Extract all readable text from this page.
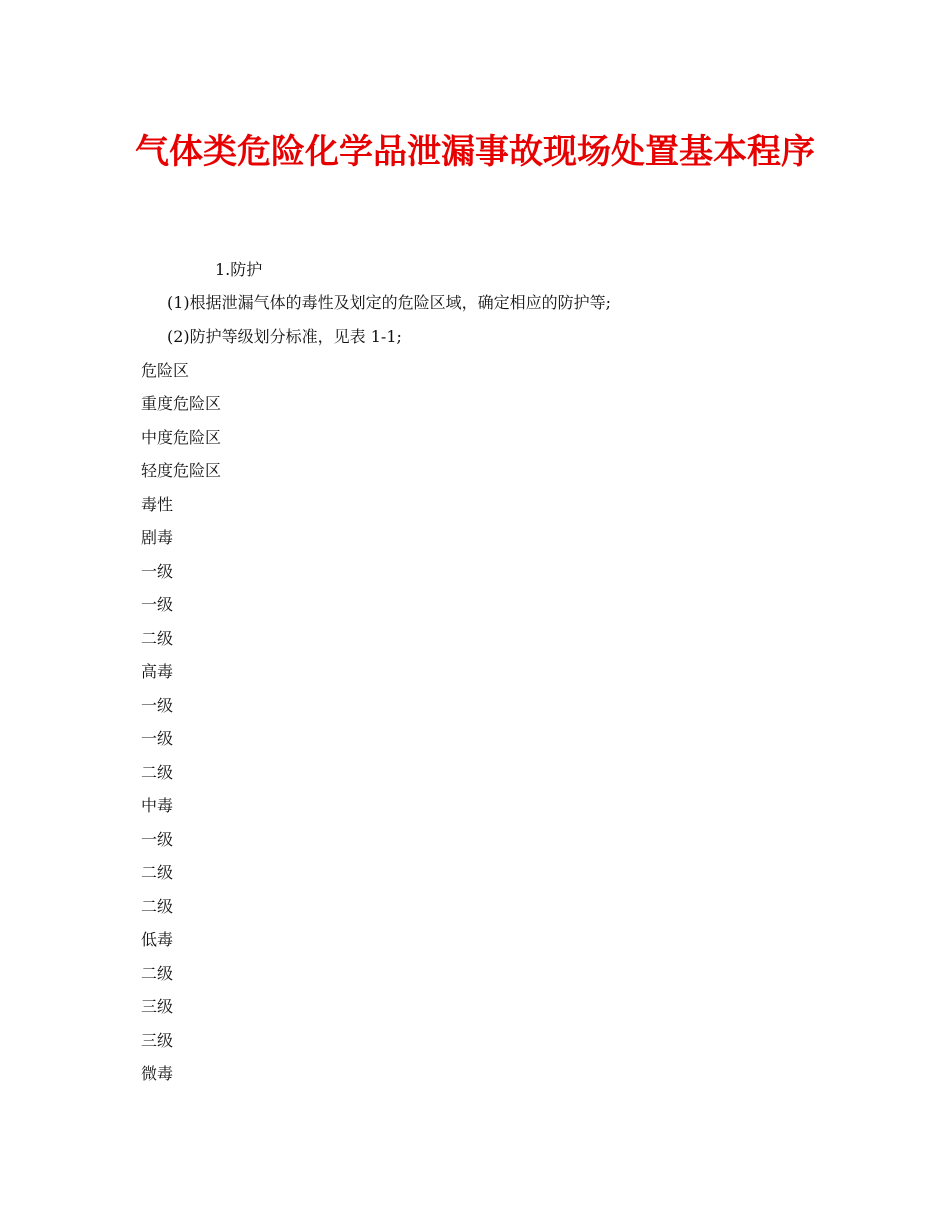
气体类危险化学品泄漏事故现场处置基本程序

1.防护

(1)根据泄漏气体的毒性及划定的危险区域，确定相应的防护等;

(2)防护等级划分标准，见表 1-1;

危险区

重度危险区

中度危险区

轻度危险区

毒性

剧毒

一级

一级

二级

高毒

一级

一级

二级

中毒

一级

二级

二级

低毒

二级

三级

三级

微毒
